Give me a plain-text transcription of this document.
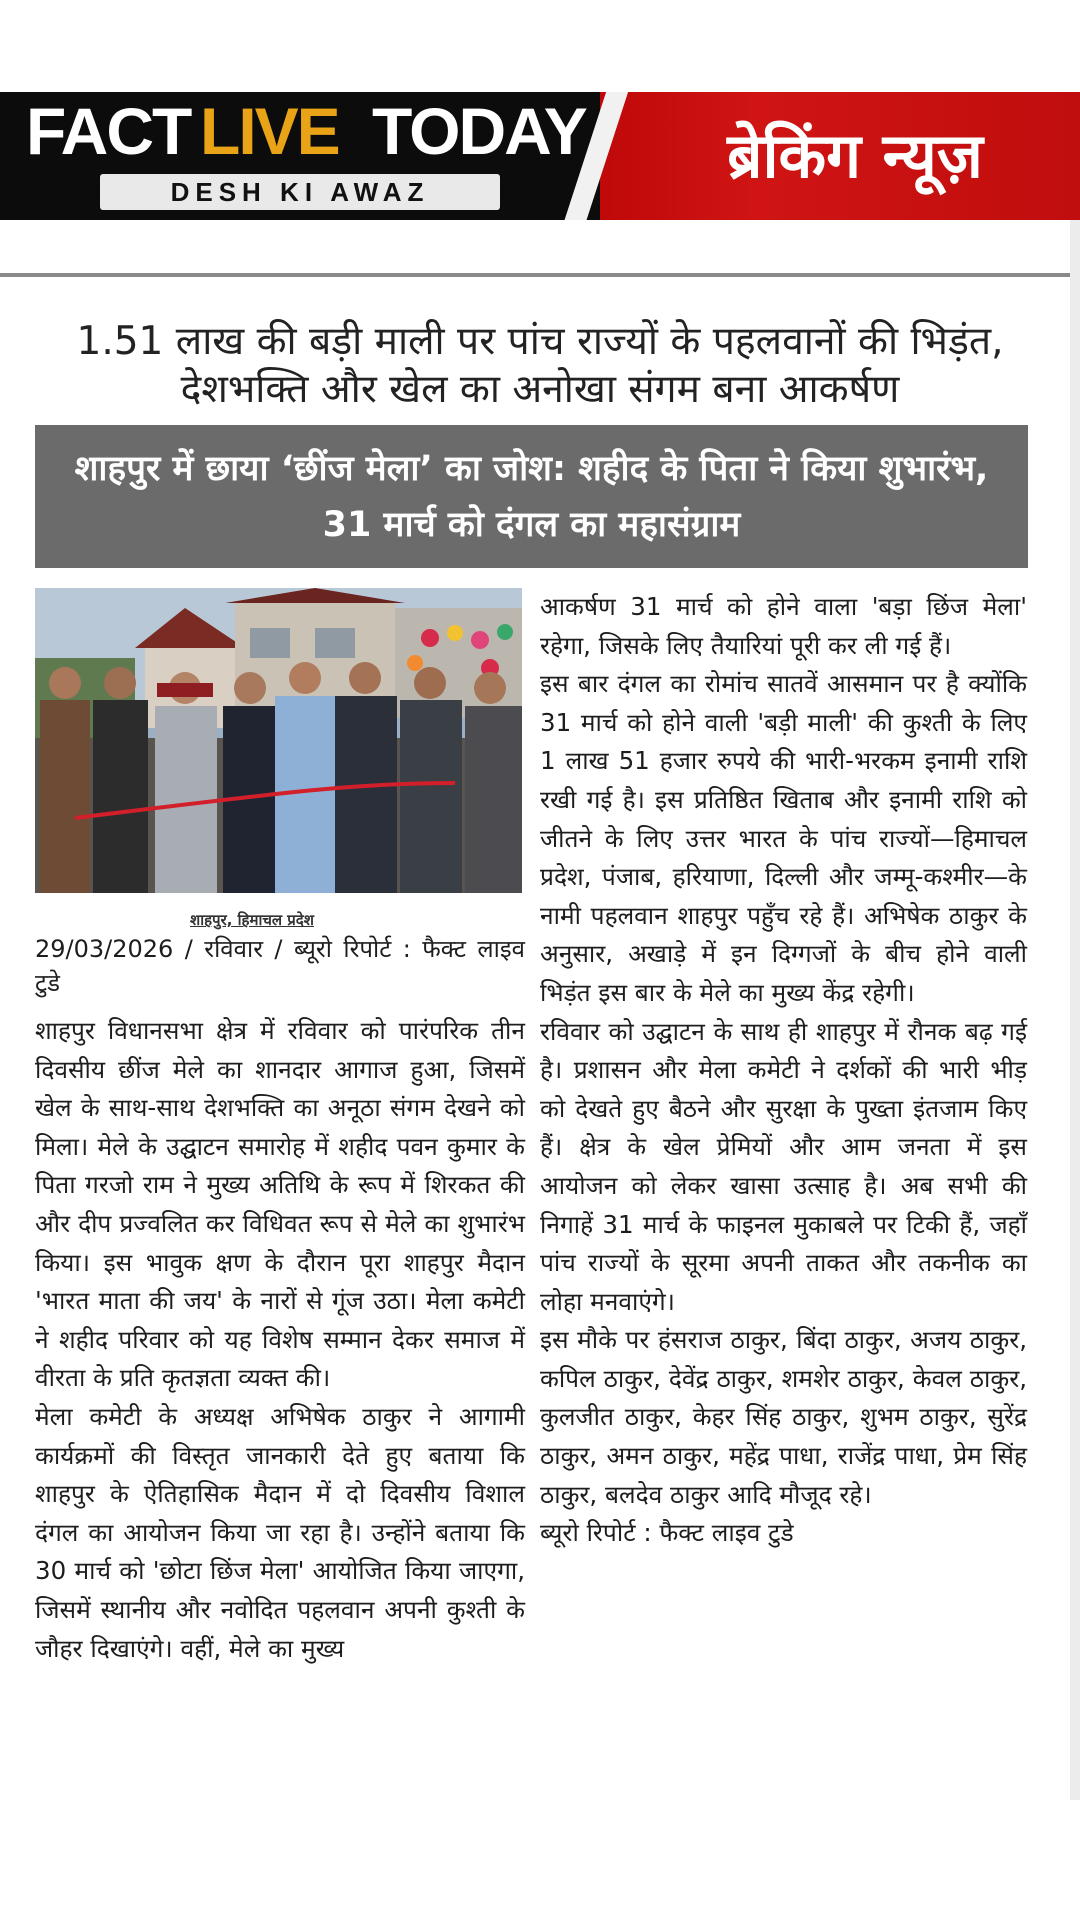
FACT LIVE TODAY
DESH KI AWAZ	ब्रेकिंग न्यूज़
1.51 लाख की बड़ी माली पर पांच राज्यों के पहलवानों की भिड़ंत, देशभक्ति और खेल का अनोखा संगम बना आकर्षण
शाहपुर में छाया ‘छींज मेला’ का जोश: शहीद के पिता ने किया शुभारंभ, 31 मार्च को दंगल का महासंग्राम
शाहपुर, हिमाचल प्रदेश
29/03/2026 / रविवार / ब्यूरो रिपोर्ट : फैक्ट लाइव टुडे

शाहपुर विधानसभा क्षेत्र में रविवार को पारंपरिक तीन दिवसीय छींज मेले का शानदार आगाज हुआ, जिसमें खेल के साथ-साथ देशभक्ति का अनूठा संगम देखने को मिला। मेले के उद्घाटन समारोह में शहीद पवन कुमार के पिता गरजो राम ने मुख्य अतिथि के रूप में शिरकत की और दीप प्रज्वलित कर विधिवत रूप से मेले का शुभारंभ किया। इस भावुक क्षण के दौरान पूरा शाहपुर मैदान 'भारत माता की जय' के नारों से गूंज उठा। मेला कमेटी ने शहीद परिवार को यह विशेष सम्मान देकर समाज में वीरता के प्रति कृतज्ञता व्यक्त की।

मेला कमेटी के अध्यक्ष अभिषेक ठाकुर ने आगामी कार्यक्रमों की विस्तृत जानकारी देते हुए बताया कि शाहपुर के ऐतिहासिक मैदान में दो दिवसीय विशाल दंगल का आयोजन किया जा रहा है। उन्होंने बताया कि 30 मार्च को 'छोटा छिंज मेला' आयोजित किया जाएगा, जिसमें स्थानीय और नवोदित पहलवान अपनी कुश्ती के जौहर दिखाएंगे। वहीं, मेले का मुख्य

आकर्षण 31 मार्च को होने वाला 'बड़ा छिंज मेला' रहेगा, जिसके लिए तैयारियां पूरी कर ली गई हैं।

इस बार दंगल का रोमांच सातवें आसमान पर है क्योंकि 31 मार्च को होने वाली 'बड़ी माली' की कुश्ती के लिए 1 लाख 51 हजार रुपये की भारी-भरकम इनामी राशि रखी गई है। इस प्रतिष्ठित खिताब और इनामी राशि को जीतने के लिए उत्तर भारत के पांच राज्यों—हिमाचल प्रदेश, पंजाब, हरियाणा, दिल्ली और जम्मू-कश्मीर—के नामी पहलवान शाहपुर पहुँच रहे हैं। अभिषेक ठाकुर के अनुसार, अखाड़े में इन दिग्गजों के बीच होने वाली भिड़ंत इस बार के मेले का मुख्य केंद्र रहेगी।

रविवार को उद्घाटन के साथ ही शाहपुर में रौनक बढ़ गई है। प्रशासन और मेला कमेटी ने दर्शकों की भारी भीड़ को देखते हुए बैठने और सुरक्षा के पुख्ता इंतजाम किए हैं। क्षेत्र के खेल प्रेमियों और आम जनता में इस आयोजन को लेकर खासा उत्साह है। अब सभी की निगाहें 31 मार्च के फाइनल मुकाबले पर टिकी हैं, जहाँ पांच राज्यों के सूरमा अपनी ताकत और तकनीक का लोहा मनवाएंगे।

इस मौके पर हंसराज ठाकुर, बिंदा ठाकुर, अजय ठाकुर, कपिल ठाकुर, देवेंद्र ठाकुर, शमशेर ठाकुर, केवल ठाकुर, कुलजीत ठाकुर, केहर सिंह ठाकुर, शुभम ठाकुर, सुरेंद्र ठाकुर, अमन ठाकुर, महेंद्र पाधा, राजेंद्र पाधा, प्रेम सिंह ठाकुर, बलदेव ठाकुर आदि मौजूद रहे।

ब्यूरो रिपोर्ट : फैक्ट लाइव टुडे
